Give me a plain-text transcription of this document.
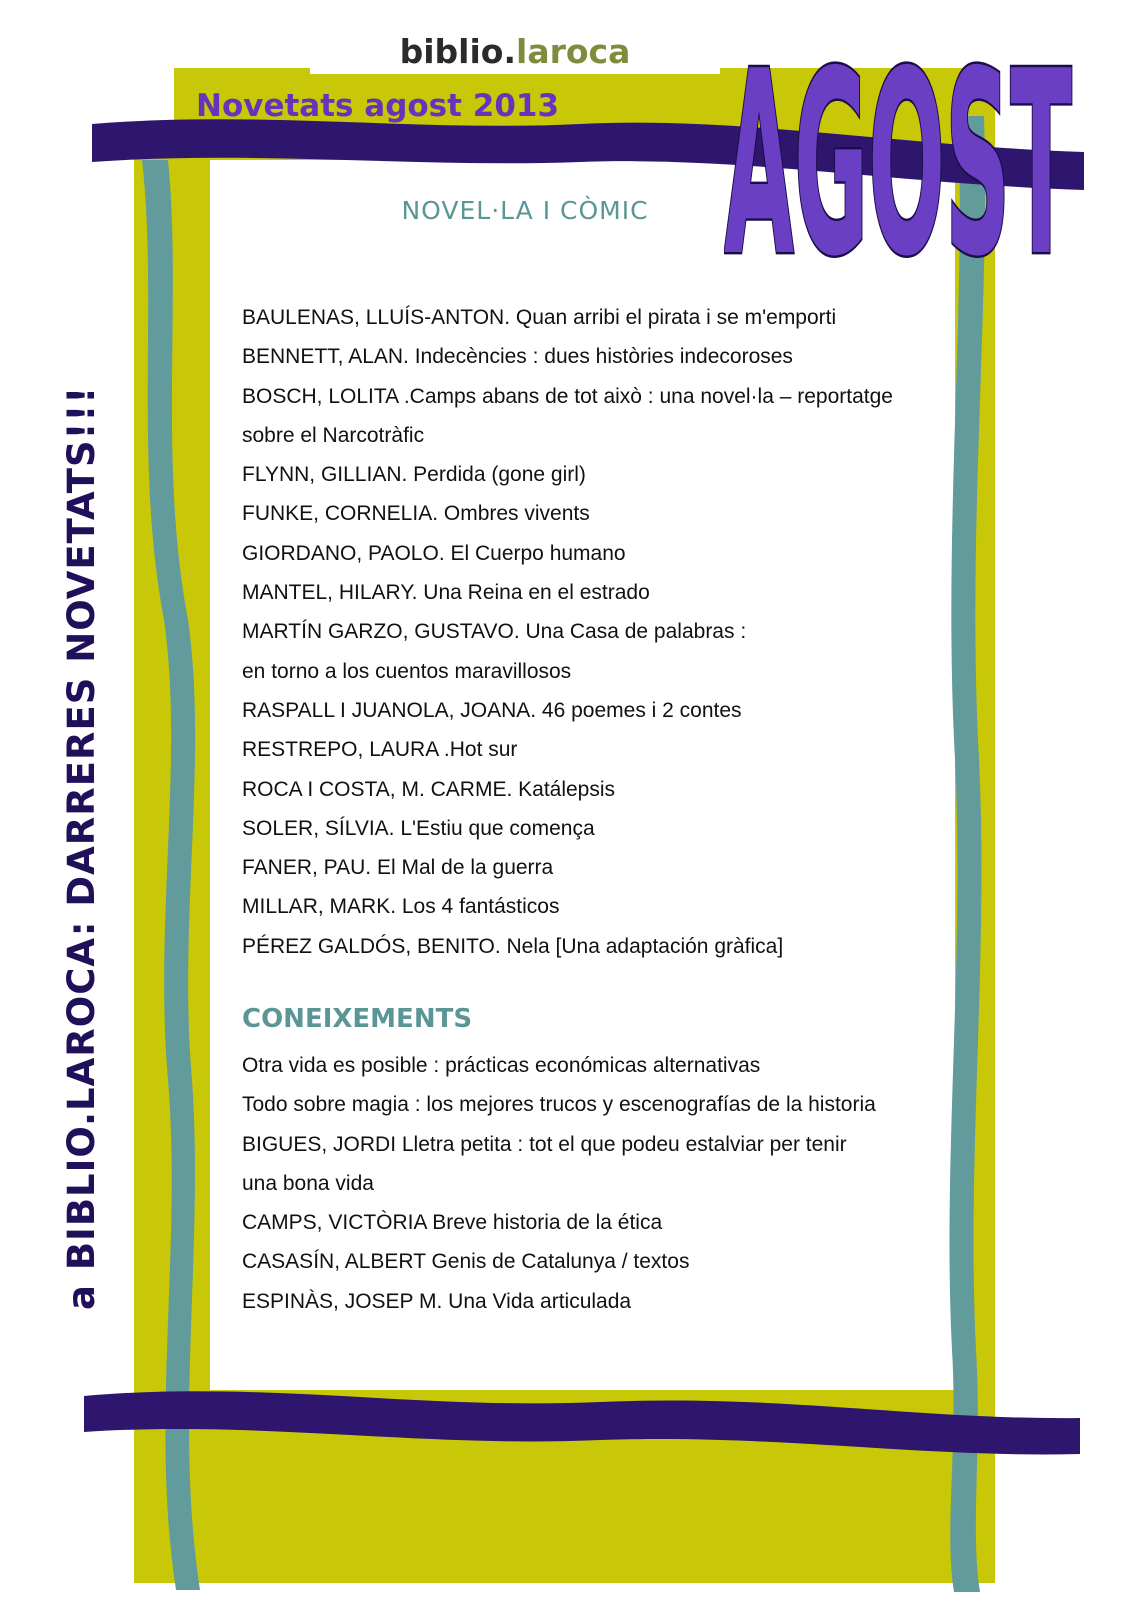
biblio.laroca
Novetats agost 2013 AGOST
a BIBLIO.LAROCA: DARRERES NOVETATS!!!
NOVEL·LA I CÒMIC
BAULENAS, LLUÍS-ANTON. Quan arribi el pirata i se m'emporti
BENNETT, ALAN. Indecències : dues històries indecoroses
BOSCH, LOLITA .Camps abans de tot això : una novel·la – reportatge
sobre el Narcotràfic
FLYNN, GILLIAN. Perdida (gone girl)
FUNKE, CORNELIA. Ombres vivents
GIORDANO, PAOLO. El Cuerpo humano
MANTEL, HILARY. Una Reina en el estrado
MARTÍN GARZO, GUSTAVO. Una Casa de palabras :
en torno a los cuentos maravillosos
RASPALL I JUANOLA, JOANA. 46 poemes i 2 contes
RESTREPO, LAURA .Hot sur
ROCA I COSTA, M. CARME. Katálepsis
SOLER, SÍLVIA. L'Estiu que comença
FANER, PAU. El Mal de la guerra
MILLAR, MARK. Los 4 fantásticos
PÉREZ GALDÓS, BENITO. Nela [Una adaptación gràfica]
CONEIXEMENTS
Otra vida es posible : prácticas económicas alternativas
Todo sobre magia : los mejores trucos y escenografías de la historia
BIGUES, JORDI Lletra petita : tot el que podeu estalviar per tenir
una bona vida
CAMPS, VICTÒRIA Breve historia de la ética
CASASÍN, ALBERT Genis de Catalunya / textos
ESPINÀS, JOSEP M. Una Vida articulada
